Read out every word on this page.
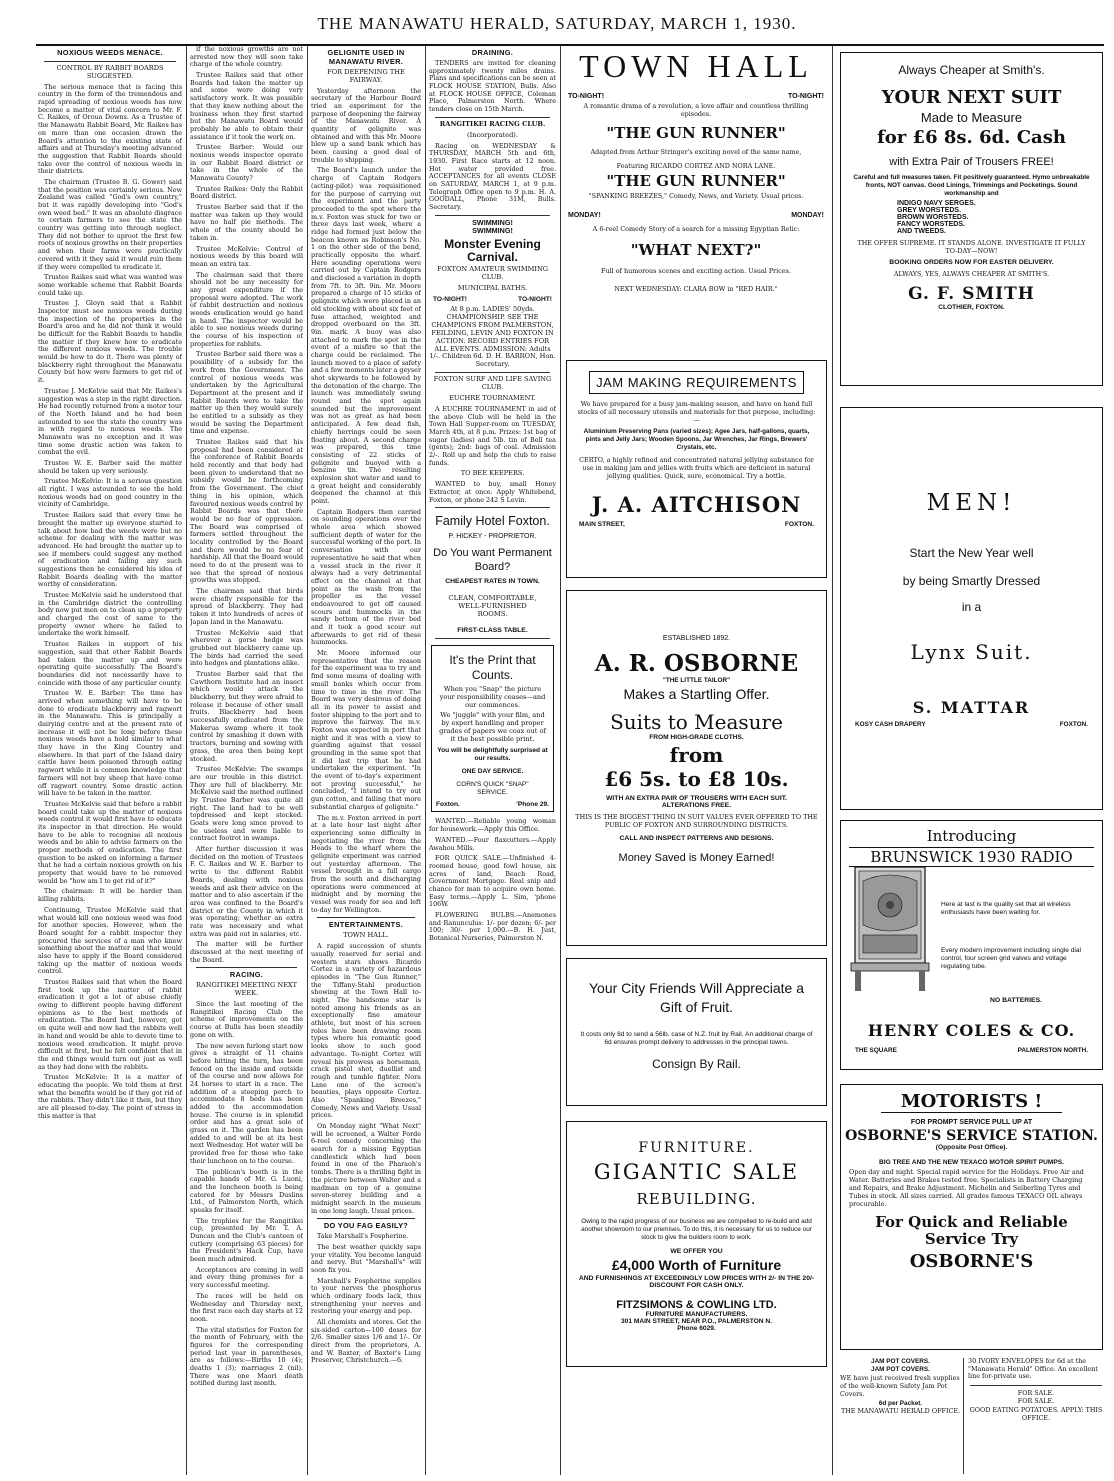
THE MANAWATU HERALD, SATURDAY, MARCH 1, 1930.
NOXIOUS WEEDS MENACE.
CONTROL BY RABBIT BOARDS SUGGESTED.

The serious menace that is facing this country in the form of the tremendous and rapid spreading of noxious weeds has now become a matter of vital concern to Mr. F. C. Raikes, of Oroua Downs. As a Trustee of the Manawatu Rabbit Board, Mr. Raikes has on more than one occasion drawn the Board's attention to the existing state of affairs and at Thursday's meeting advanced the suggestion that Rabbit Boards should take over the control of noxious weeds in their districts.

The chairman (Trustee B. G. Gower) said that the position was certainly serious. New Zealand was called "God's own country," but it was rapidly developing into "God's own weed bed." It was an absolute disgrace to certain farmers to see the state the country was getting into through neglect. They did not bother to uproot the first few roots of noxious growths on their properties and when their farms were practically covered with it they said it would ruin them if they were compelled to eradicate it.

Trustee Raikes said what was wanted was some workable scheme that Rabbit Boards could take up.

Trustee J. Gloyn said that a Rabbit Inspector must see noxious weeds during the inspection of the properties in the Board's area and he did not think it would be difficult for the Rabbit Boards to handle the matter if they knew how to eradicate the different noxious weeds. The trouble would be how to do it. There was plenty of blackberry right throughout the Manawatu County but how were farmers to get rid of it.

Trustee J. McKelvie said that Mr. Raikes's suggestion was a step in the right direction. He had recently returned from a motor tour of the North Island and he had been astounded to see the state the country was in with regard to noxious weeds. The Manawatu was no exception and it was time some drastic action was taken to combat the evil.

Trustee W. E. Barber said the matter should be taken up very seriously.

Trustee McKelvie: It is a serious question all right. I was astounded to see the hold noxious weeds had on good country in the vicinity of Cambridge.

Trustee Raikes said that every time he brought the matter up everyone started to talk about how bad the weeds were but no scheme for dealing with the matter was advanced. He had brought the matter up to see if members could suggest any method of eradication and failing any such suggestions then he considered his idea of Rabbit Boards dealing with the matter worthy of consideration.

Trustee McKelvie said he understood that in the Cambridge district the controlling body now put men on to clean up a property and charged the cost of same to the property owner where he failed to undertake the work himself.

Trustee Raikes in support of his suggestion, said that other Rabbit Boards had taken the matter up and were operating quite successfully. The Board's boundaries did not necessarily have to coincide with those of any particular county.

Trustee W. E. Barber: The time has arrived when something will have to be done to eradicate blackberry and ragwort in the Manawatu. This is principally a dairying centre and at the present rate of increase it will not be long before these noxious weeds have a hold similar to what they have in the King Country and elsewhere. In that part of the Island dairy cattle have been poisoned through eating ragwort while it is common knowledge that farmers will not buy sheep that have come off ragwort country. Some drastic action will have to be taken in the matter.

Trustee McKelvie said that before a rabbit board could take up the matter of noxious weeds control it would first have to educate its inspector in that direction. He would have to be able to recognise all noxious weeds and be able to advise farmers on the proper methods of eradication. The first question to be asked on informing a farmer that he had a certain noxious growth on his property that would have to be removed would be "how am I to get rid of it?"

The chairman: It will be harder than killing rabbits.

Continuing, Trustee McKelvie said that what would kill one noxious weed was food for another species. However, when the Board sought for a rabbit inspector they procured the services of a man who knew something about the matter and that would also have to apply if the Board considered taking up the matter of noxious weeds control.

Trustee Raikes said that when the Board first took up the matter of rabbit eradication it got a lot of abuse chiefly owing to different people having different opinions as to the best methods of eradication. The Board had, however, got on quite well and now had the rabbits well in hand and would be able to devote time to noxious weed eradication. It might prove difficult at first, but he felt confident that in the end things would turn out just as well as they had done with the rabbits.

Trustee McKelvie: It is a matter of educating the people. We told them at first what the benefits would be if they got rid of the rabbits. They didn't like it then, but they are all pleased to-day. The point of stress in this matter is that

if the noxious growths are not arrested now they will soon take charge of the whole country.

Trustee Raikes said that other Boards had taken the matter up and some were doing very satisfactory work. It was possible that they knew nothing about the business when they first started but the Manawatu Board would probably be able to obtain their assistance if it took the work on.

Trustee Barber: Would our noxious weeds inspector operate in our Rabbit Board district or take in the whole of the Manawatu County?

Trustee Raikes: Only the Rabbit Board district.

Trustee Barber said that if the matter was taken up they would have no half pie methods. The whole of the county should be taken in.

Trustee McKelvie: Control of noxious weeds by this board will mean an extra tax.

The chairman said that there should not be any necessity for any great expenditure if the proposal were adopted. The work of rabbit destruction and noxious weeds eradication would go hand in hand. The inspector would be able to see noxious weeds during the course of his inspection of properties for rabbits.

Trustee Barber said there was a possibility of a subsidy for the work from the Government. The control of noxious weeds was undertaken by the Agricultural Department at the present and if Rabbit Boards were to take the matter up then they would surely be entitled to a subsidy as they would be saving the Department time and expense.

Trustee Raikes said that his proposal had been considered at the conference of Rabbit Boards held recently and that body had been given to understand that no subsidy would be forthcoming from the Government. The chief thing in his opinion, which favoured noxious weeds control by Rabbit Boards was that there would be no fear of oppression. The Board was comprised of farmers settled throughout the locality controlled by the Board and there would be no fear of hardship. All that the Board would need to do at the present was to see that the spread of noxious growths was stopped.

The chairman said that birds were chiefly responsible for the spread of blackberry. They had taken it into hundreds of acres of Japan land in the Manawatu.

Trustee McKelvie said that wherever a gorse hedge was grubbed out blackberry came up. The birds had carried the seed into hedges and plantations alike.

Trustee Barber said that the Cawthorn Institute had an insect which would attack the blackberry, but they were afraid to release it because of other small fruits. Blackberry had been successfully eradicated from the Makerua swamp where it took control by smashing it down with tractors, burning and sowing with grass, the area then being kept stocked.

Trustee McKelvie: The swamps are our trouble in this district. They are full of blackberry. Mr. McKelvie said the method outlined by Trustee Barber was quite all right. The land had to be well topdressed and kept stocked. Goats were long since proved to be useless and were liable to contract footrot in swamps.

After further discussion it was decided on the motion of Trustees F. C. Raikes and W. E. Barber to write to the different Rabbit Boards, dealing with noxious weeds and ask their advice on the matter and to also ascertain if the area was confined to the Board's district or the County in which it was operating; whether an extra rate was necessary and what extra was paid out in salaries, etc.

The matter will be further discussed at the next meeting of the Board.

RACING.
RANGITIKEI MEETING NEXT WEEK.

Since the last meeting of the Rangitikei Racing Club the scheme of improvements on the course at Bulls has been steadily gone on with.

The new seven furlong start now gives a straight of 11 chains before hitting the turn, has been fenced on the inside and outside of the course and now allows for 24 horses to start in a race. The addition of a steeping perch to accommodate 8 beds has been added to the accommodation house. The course is in splendid order and has a great sole of grass on it. The garden has been added to and will be at its best next Wednesday. Hot water will be provided free for those who take their luncheon on to the course.

The publican's booth is in the capable hands of Mr. G. Luoni, and the luncheon booth is being catered for by Messrs Duslins Ltd., of Palmerston North, which speaks for itself.

The trophies for the Rangitikei cup, presented by Mr. T. A. Duncan and the Club's canteen of cutlery (comprising 63 pieces) for the President's Hack Cup, have been much admired.

Acceptances are coming in well and every thing promises for a very successful meeting.

The races will be held on Wednesday and Thursday next, the first race each day starts at 12 noon.

The vital statistics for Foxton for the month of February, with the figures for the corresponding period last year in parentheses, are as follows:—Births 10 (4); deaths 1 (3); marriages 2 (nil). There was one Maori death notified during last month.

GELIGNITE USED IN MANAWATU RIVER.
FOR DEEPENING THE FAIRWAY.

Yesterday afternoon the secretary of the Harbour Board tried an experiment for the purpose of deepening the fairway of the Manawatu River. A quantity of gelignite was obtained and with this Mr. Moore blew up a sand bank which has been causing a good deal of trouble to shipping.

The Board's launch under the charge of Captain Rodgers (acting-pilot) was requisitioned for the purpose of carrying out the experiment and the party proceeded to the spot where the m.v. Foxton was stuck for two or three days last week, where a ridge had formed just below the beacon known as Robinson's No. 1 on the other side of the bend, practically opposite the wharf. Here sounding operations were carried out by Captain Rodgers and disclosed a variation in depth from 7ft. to 3ft. 9in. Mr. Moore prepared a charge of 15 sticks of gelignite which were placed in an old stocking with about six feet of fuse attached, weighted and dropped overboard on the 3ft. 9in. mark. A buoy was also attached to mark the spot in the event of a misfire so that the charge could be reclaimed. The launch moved to a place of safety and a few moments later a geyser shot skywards to be followed by the detonation of the charge. The launch was immediately swung round and the spot again sounded but the improvement was not as great as had been anticipated. A few dead fish, chiefly herrings could be seen floating about. A second charge was prepared, this time consisting of 22 sticks of gelignite and buoyed with a benzine tin. The resulting explosion shot water and sand to a great height and considerably deepened the channel at this point.

Captain Rodgers then carried on sounding operations over the whole area which showed sufficient depth of water for the successful working of the port. In conversation with our representative he said that when a vessel stuck in the river it always had a very detrimental effect on the channel at that point as the wash from the propeller as the vessel endeavoured to get off caused scours and hummocks in the sandy bottom of the river bed and it took a good scour out afterwards to get rid of these hummocks.

Mr. Moore informed our representative that the reason for the experiment was to try and find some means of dealing with small banks which occur from time to time in the river. The Board was very desirous of doing all in its power to assist and foster shipping to the port and to improve the fairway. The m.v. Foxton was expected in port that night and it was with a view to guarding against that vessel grounding in the same spot that it did last trip that he had undertaken the experiment. "In the event of to-day's experiment not proving successful," he concluded, "I intend to try out gun cotton, and failing that more substantial charges of gelignite."

The m.v. Foxton arrived in port at a late hour last night after experiencing some difficulty in negotiating the river from the Heads to the wharf where the gelignite experiment was carried out yesterday afternoon. The vessel brought in a full cargo from the south and discharging operations were commenced at midnight and by morning the vessel was ready for sea and left to-day for Wellington.

ENTERTAINMENTS.
TOWN HALL.

A rapid succession of stunts usually reserved for serial and western stars shows Ricardo Cortez in a variety of hazardous episodes in "The Gun Runner," the Tiffany-Stahl production showing at the Town Hall to-night. The handsome star is noted among his friends as an exceptionally fine amateur athlete, but most of his screen roles have been drawing room types where his romantic good looks show to such good advantage. To-night Cortez will reveal his prowess as horseman, crack pistol shot, duellist and rough and tumble fighter. Nora Lane one of the screen's beauties, plays opposite Cortez. Also "Spanking Breezes," Comedy, News and Variety. Usual prices.

On Monday night "What Next" will be screened, a Walter Forde 6-reel comedy concerning the search for a missing Egyptian candlestick which had been found in one of the Pharaoh's tombs. There is a thrilling fight in the picture between Walter and a madman on top of a genuine seven-storey building and a midnight search in the museum in one long laugh. Usual prices.

DO YOU FAG EASILY?

Take Marshall's Fospherine.

The best weather quickly saps your vitality. You become languid and nervy. But "Marshall's" will soon fix you.

Marshall's Fospherine supplies to your nerves the phosphorus which ordinary foods lack, thus strengthening your nerves and restoring your energy and pep.

All chemists and stores. Get the six-sided carton—100 doses for 2/6. Smaller sizes 1/6 and 1/-. Or direct from the proprietors, A. and W. Baxter, of Baxter's Lung Preserver, Christchurch.—6.

DRAINING.

TENDERS are invited for cleaning approximately twenty miles drains. Plans and specifications can be seen at FLOCK HOUSE STATION, Bulls. Also at FLOCK HOUSE OFFICE, Coleman Place, Palmerston North. Where tenders close on 15th March.

RANGITIKEI RACING CLUB.
(Incorporated).

Racing on WEDNESDAY & THURSDAY, MARCH 5th and 6th, 1930. First Race starts at 12 noon. Hot water provided free. ACCEPTANCES for all events CLOSE on SATURDAY, MARCH 1, at 9 p.m. Telegraph Office open to 9 p.m. H. A. GOODALL, Phone 31M, Bulls. Secretary.

SWIMMING!
SWIMMING!
Monster Evening Carnival.
FOXTON AMATEUR SWIMMING CLUB.
MUNICIPAL BATHS.
TO-NIGHT!	TO-NIGHT!
At 8 p.m. LADIES' 50yds. CHAMPIONSHIP. SEE THE CHAMPIONS FROM PALMERSTON, FEILDING, LEVIN AND FOXTON IN ACTION. RECORD ENTRIES FOR ALL EVENTS. ADMISSION: Adults 1/-. Children 6d. D. H. BARRON, Hon. Secretary.
FOXTON SURF AND LIFE SAVING CLUB.
EUCHRE TOURNAMENT.

A EUCHRE TOURNAMENT in aid of the above Club will be held in the Town Hall Supper-room on TUESDAY, March 4th, at 8 p.m. Prizes: 1st bag of sugar (ladies) and 5lb. tin of Bell tea (gents); 2nd: bags of coal. Admission 2/-. Roll up and help the club to raise funds.

TO BEE KEEPERS.

WANTED to buy, small Honey Extractor, at once. Apply Whitebend, Foxton, or phone 242 S Levin.

Family Hotel Foxton.
P. HICKEY - PROPRIETOR.
Do You want Permanent Board?
CHEAPEST RATES IN TOWN.
CLEAN, COMFORTABLE, WELL-FURNISHED ROOMS.
FIRST-CLASS TABLE.
It's the Print that Counts.
When you "Snap" the picture your responsibility ceases—and our commences.
We "juggle" with your film, and by expert handling and proper grades of papers we coax out of it the best possible print.
You will be delightfully surprised at our results.
ONE DAY SERVICE.
CORN'S QUICK "SNAP" SERVICE.
Foxton.	'Phone 29.

WANTED.—Reliable young woman for housework.—Apply this Office.

WANTED.—Four flaxcutters.—Apply Awahou Mills.

FOR QUICK SALE.—Unfinished 4-roomed house, good fowl house, six acres of land, Beach Road, Government Mortgage. Real snip and chance for man to acquire own home. Easy terms.—Apply L. Sim, 'phone 106W.

FLOWERING BULBS.—Anemones and Ranunculus: 1/- per dozen; 6/- per 100; 30/- per 1,000.—B. H. Just, Botanical Nurseries, Palmerston N.

TOWN HALL
TO-NIGHT!	TO-NIGHT!
A romantic drama of a revolution, a love affair and countless thrilling episodes.
"THE GUN RUNNER"
Adapted from Arthur Stringer's exciting novel of the same name,
Featuring RICARDO CORTEZ AND NORA LANE.
"THE GUN RUNNER"
"SPANKING BREEZES," Comedy, News, and Variety. Usual prices.
MONDAY!	MONDAY!
A 6-reel Comedy Story of a search for a missing Egyptian Relic:
"WHAT NEXT?"
Full of humorous scenes and exciting action. Usual Prices.
NEXT WEDNESDAY: CLARA BOW in "RED HAIR."
JAM MAKING REQUIREMENTS
We have prepared for a busy jam-making season, and have on hand full stocks of all necessary utensils and materials for that purpose, including:—
Aluminium Preserving Pans (varied sizes); Agee Jars, half-gallons, quarts, pints and Jelly Jars; Wooden Spoons, Jar Wrenches, Jar Rings, Brewers' Crystals, etc.
CERTO, a highly refined and concentrated natural jellying substance for use in making jam and jellies with fruits which are deficient in natural jellying qualities. Quick, sure, economical. Try a bottle.
J. A. AITCHISON
MAIN STREET,	FOXTON.
ESTABLISHED 1892.
A. R. OSBORNE
"THE LITTLE TAILOR"
Makes a Startling Offer.
Suits to Measure
FROM HIGH-GRADE CLOTHS.
from
£6 5s. to £8 10s.
WITH AN EXTRA PAIR OF TROUSERS WITH EACH SUIT. ALTERATIONS FREE.
THIS IS THE BIGGEST THING IN SUIT VALUES EVER OFFERED TO THE PUBLIC OF FOXTON AND SURROUNDING DISTRICTS.
CALL AND INSPECT PATTERNS AND DESIGNS.
Money Saved is Money Earned!
Your City Friends Will Appreciate a Gift of Fruit.
It costs only 8d to send a 56lb. case of N.Z. fruit by Rail. An additional charge of 6d ensures prompt delivery to addresses in the principal towns.
Consign By Rail.
FURNITURE.
GIGANTIC SALE
REBUILDING.
Owing to the rapid progress of our business we are compelled to re-build and add another showroom to our premises. To do this, it is necessary for us to reduce our stock to give the builders room to work.
WE OFFER YOU
£4,000 Worth of Furniture
AND FURNISHINGS AT EXCEEDINGLY LOW PRICES WITH 2/- IN THE 20/- DISCOUNT FOR CASH ONLY.
FITZSIMONS & COWLING LTD.
FURNITURE MANUFACTURERS.
301 MAIN STREET, NEAR P.O., PALMERSTON N.
Phone 6029.
Always Cheaper at Smith's.
YOUR NEXT SUIT
Made to Measure
for £6 8s. 6d. Cash
with Extra Pair of Trousers FREE!
Careful and full measures taken. Fit positively guaranteed. Hymo unbreakable fronts, NOT canvas. Good Linings, Trimmings and Pocketings. Sound workmanship and
INDIGO NAVY SERGES.
GREY WORSTEDS.
BROWN WORSTEDS.
FANCY WORSTEDS.
AND TWEEDS.
THE OFFER SUPREME. IT STANDS ALONE. INVESTIGATE IT FULLY TO-DAY—NOW!
BOOKING ORDERS NOW FOR EASTER DELIVERY.
ALWAYS, YES, ALWAYS CHEAPER AT SMITH'S.
G. F. SMITH
CLOTHIER, FOXTON.
MEN!
Start the New Year well
by being Smartly Dressed
in a
Lynx Suit.
S. MATTAR
KOSY CASH DRAPERY	FOXTON.
Introducing
BRUNSWICK 1930 RADIO
Here at last is the quality set that all wireless enthusiasts have been waiting for.
Every modern improvement including single dial control, four screen grid valves and voltage regulating tube.
NO BATTERIES.
HENRY COLES & CO.
THE SQUARE	PALMERSTON NORTH.
MOTORISTS !
FOR PROMPT SERVICE PULL UP AT
OSBORNE'S SERVICE STATION.
(Opposite Post Office).
BIG TREE AND THE NEW TEXACO MOTOR SPIRIT PUMPS.
Open day and night. Special rapid service for the Holidays. Free Air and Water. Batteries and Brakes tested free. Specialists in Battery Charging and Repairs, and Brake Adjustment. Michelin and Seiberling Tyres and Tubes in stock. All sizes carried. All grades famous TEXACO OIL always procurable.
For Quick and Reliable Service Try
OSBORNE'S
JAM POT COVERS.
JAM POT COVERS.
WE have just received fresh supplies of the well-known Safety Jam Pot Covers.
6d per Packet.
THE MANAWATU HERALD OFFICE.
30 IVORY ENVELOPES for 6d at the "Manawatu Herald" Office. An excellent line for-private use.
FOR SALE.
FOR SALE.
GOOD EATING POTATOES. APPLY: THIS OFFICE.
